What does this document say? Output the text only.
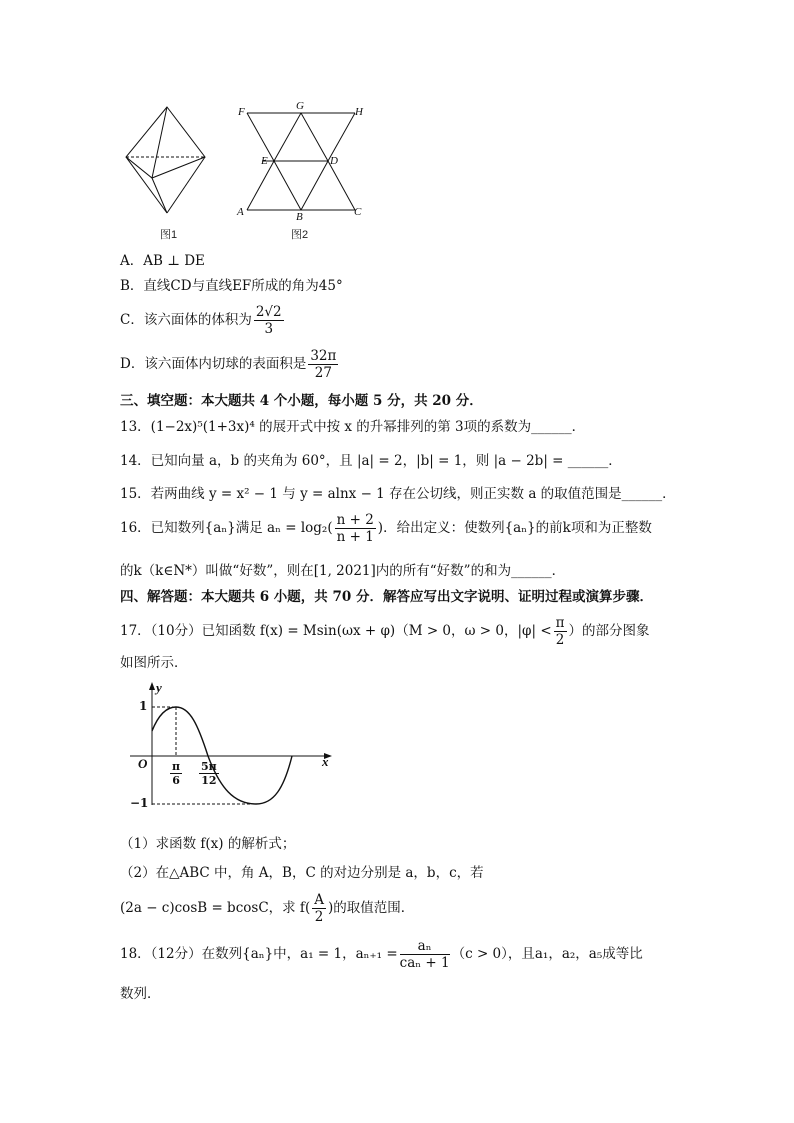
图1
F	G	H
E	D
A	B	C
图2
A．AB ⊥ DE
B．直线CD与直线EF所成的角为45°
C．该六面体的体积为 $\frac{2√2}{3}$
D．该六面体内切球的表面积是 $\frac{32\pi}{27}$
三、填空题：本大题共 4 个小题，每小题 5 分，共 20 分．
13．(1−2x)⁵(1+3x)⁴ 的展开式中按 x 的升幂排列的第 3项的系数为______．
14．已知向量 a，b 的夹角为 60°，且 |a| = 2，|b| = 1，则 |a − 2b| = ______．
15．若两曲线 y = x² − 1 与 y = alnx − 1 存在公切线，则正实数 a 的取值范围是______．
16．已知数列{aₙ}满足 $a_n = \log_2( \frac{n + 2}{n + 1}$ )．给出定义：使数列{aₙ}的前k项和为正整数
的k（k∈N*）叫做“好数”，则在[1, 2021]内的所有“好数”的和为______．
四、解答题：本大题共 6 小题，共 70 分．解答应写出文字说明、证明过程或演算步骤．
17．（10分）已知函数 f(x) = Msin(ωx + φ)（M > 0，ω > 0，$|\varphi| < \frac{\pi}{2}$ ）的部分图象
如图所示．
y
x
O
1
−1
$\frac{\pi}{6} \frac{5\pi}{12}$
（1）求函数 f(x) 的解析式；
（2）在△ABC 中，角 A，B，C 的对边分别是 a，b，c，若
(2a − c)cosB = bcosC，求 $f( \frac{A}{2}$ )的取值范围．
18．（12分）在数列{aₙ}中，a₁ = 1，$a_{n+1} = \frac{\text{aₙ}}{\text{caₙ + 1}} (c > 0)$，且a₁，a₂，a₅成等比
数列．
